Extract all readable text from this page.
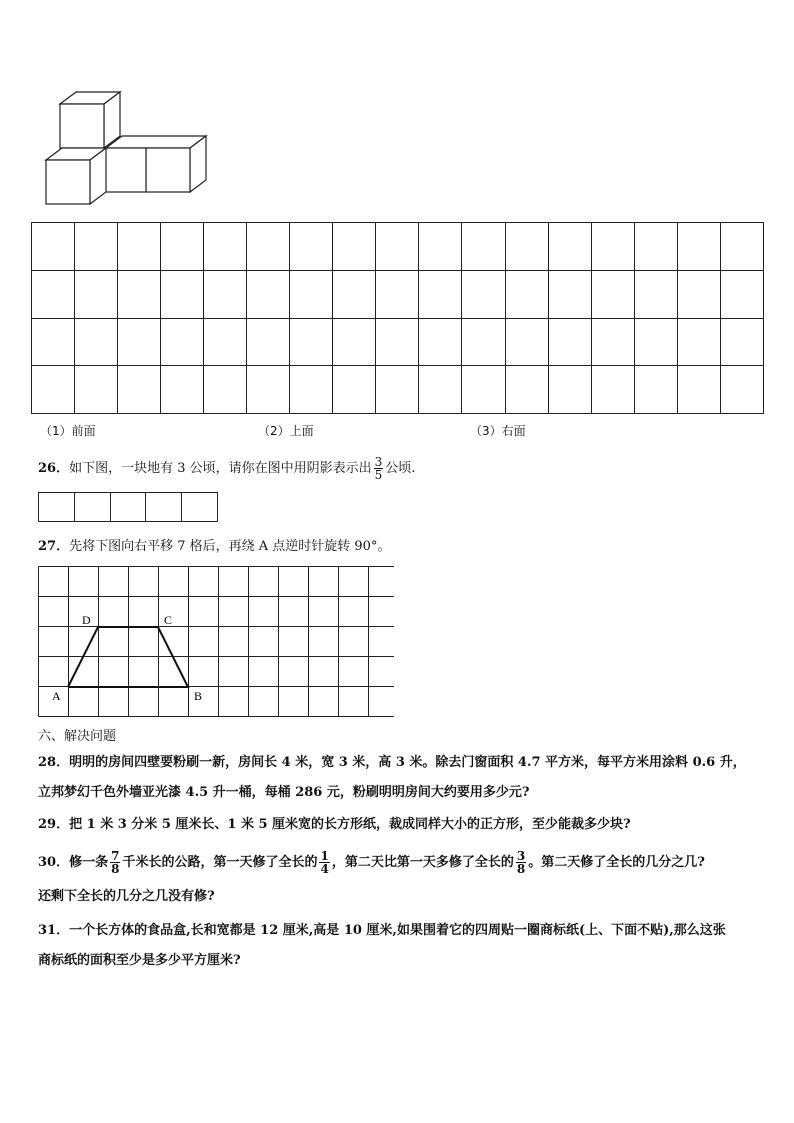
（1）前面	（2）上面	（3）右面
26．如下图，一块地有 3 公顷，请你在图中用阴影表示出 $\frac{3}{5}$ 公顷.

27．先将下图向右平移 7 格后，再绕 A 点逆时针旋转 90°。
D	C
A	B
六、解决问题
28．明明的房间四壁要粉刷一新，房间长 4 米，宽 3 米，高 3 米。除去门窗面积 4.7 平方米，每平方米用涂料 0.6 升，
立邦梦幻千色外墙亚光漆 4.5 升一桶，每桶 286 元，粉刷明明房间大约要用多少元?
29．把 1 米 3 分米 5 厘米长、1 米 5 厘米宽的长方形纸，裁成同样大小的正方形，至少能裁多少块?
30．修一条 $\frac{7}{8}$ 千米长的公路，第一天修了全长的 $\frac{1}{4}$ ，第二天比第一天多修了全长的 $\frac{3}{8}$ 。第二天修了全长的几分之几?
还剩下全长的几分之几没有修?
31．一个长方体的食品盒,长和宽都是 12 厘米,高是 10 厘米,如果围着它的四周贴一圈商标纸(上、下面不贴),那么这张
商标纸的面积至少是多少平方厘米?
